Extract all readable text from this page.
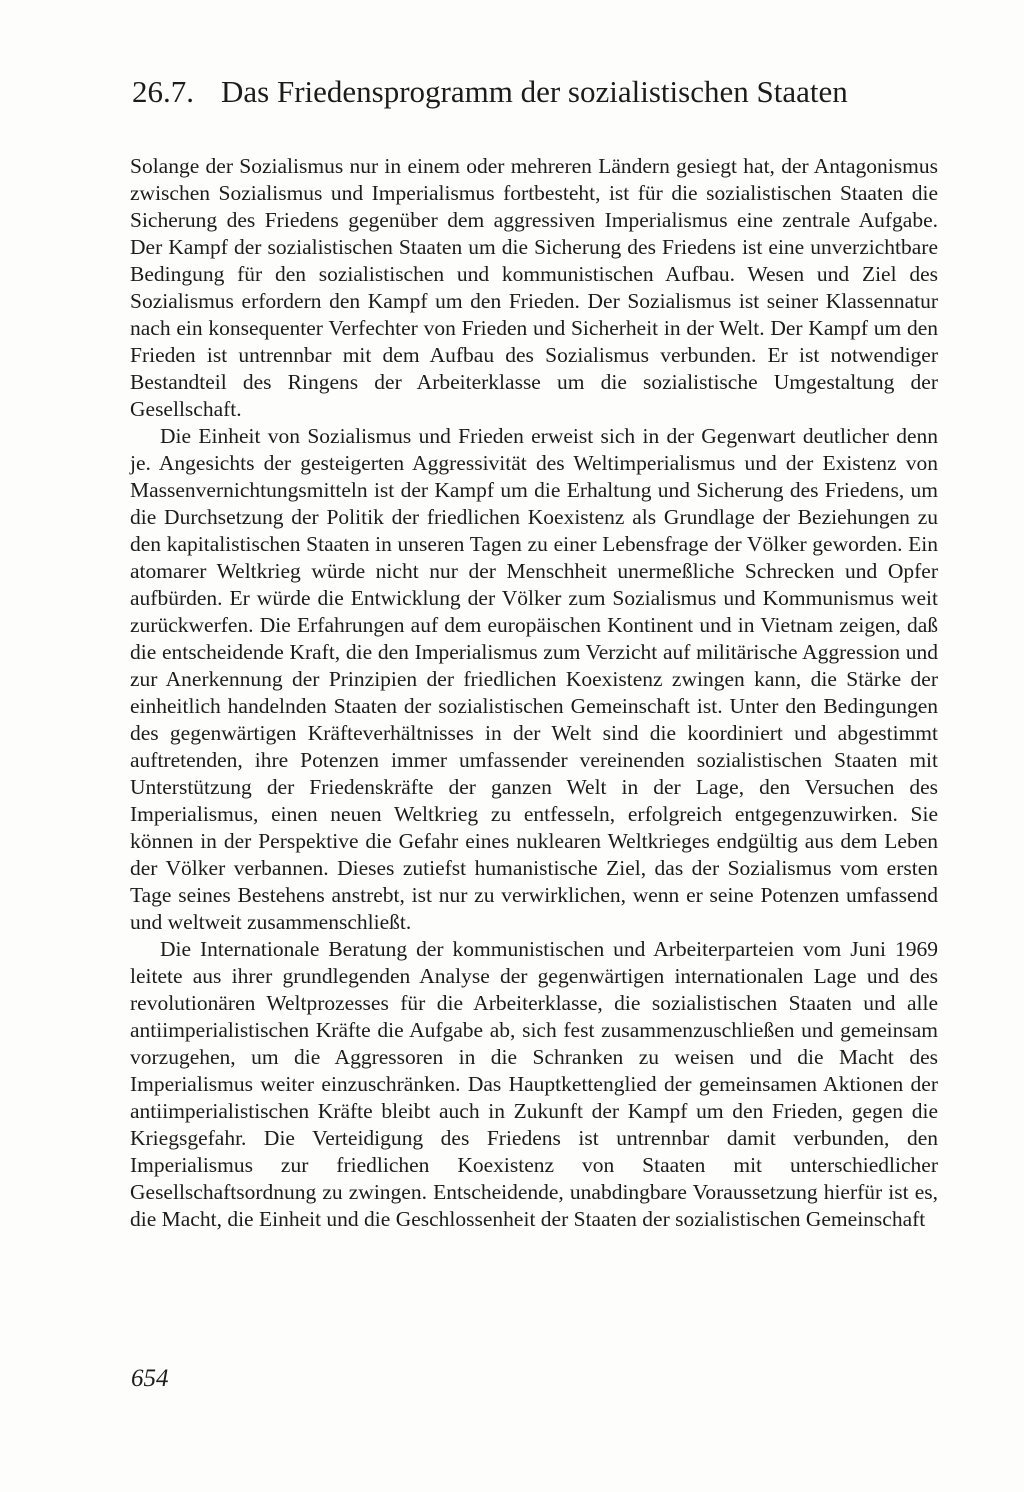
26.7. Das Friedensprogramm der sozialistischen Staaten

Solange der Sozialismus nur in einem oder mehreren Ländern gesiegt hat, der Antagonismus zwischen Sozialismus und Imperialismus fortbesteht, ist für die sozialistischen Staaten die Sicherung des Friedens gegenüber dem aggressiven Imperialismus eine zentrale Aufgabe. Der Kampf der sozialistischen Staaten um die Sicherung des Friedens ist eine unverzichtbare Bedingung für den sozialistischen und kommunistischen Aufbau. Wesen und Ziel des Sozialismus erfordern den Kampf um den Frieden. Der Sozialismus ist seiner Klassennatur nach ein konsequenter Verfechter von Frieden und Sicherheit in der Welt. Der Kampf um den Frieden ist untrennbar mit dem Aufbau des Sozialismus verbunden. Er ist notwendiger Bestandteil des Ringens der Arbeiterklasse um die sozialistische Umgestaltung der Gesellschaft.

Die Einheit von Sozialismus und Frieden erweist sich in der Gegenwart deutlicher denn je. Angesichts der gesteigerten Aggressivität des Weltimperialismus und der Existenz von Massenvernichtungsmitteln ist der Kampf um die Erhaltung und Sicherung des Friedens, um die Durchsetzung der Politik der friedlichen Koexistenz als Grundlage der Beziehungen zu den kapitalistischen Staaten in unseren Tagen zu einer Lebensfrage der Völker geworden. Ein atomarer Weltkrieg würde nicht nur der Menschheit unermeßliche Schrecken und Opfer aufbürden. Er würde die Entwicklung der Völker zum Sozialismus und Kommunismus weit zurückwerfen. Die Erfahrungen auf dem europäischen Kontinent und in Vietnam zeigen, daß die entscheidende Kraft, die den Imperialismus zum Verzicht auf militärische Aggression und zur Anerkennung der Prinzipien der friedlichen Koexistenz zwingen kann, die Stärke der einheitlich handelnden Staaten der sozialistischen Gemeinschaft ist. Unter den Bedingungen des gegenwärtigen Kräfteverhältnisses in der Welt sind die koordiniert und abgestimmt auftretenden, ihre Potenzen immer umfassender vereinenden sozialistischen Staaten mit Unterstützung der Friedenskräfte der ganzen Welt in der Lage, den Versuchen des Imperialismus, einen neuen Weltkrieg zu entfesseln, erfolgreich entgegenzuwirken. Sie können in der Perspektive die Gefahr eines nuklearen Weltkrieges endgültig aus dem Leben der Völker verbannen. Dieses zutiefst humanistische Ziel, das der Sozialismus vom ersten Tage seines Bestehens anstrebt, ist nur zu verwirklichen, wenn er seine Potenzen umfassend und weltweit zusammenschließt.

Die Internationale Beratung der kommunistischen und Arbeiterparteien vom Juni 1969 leitete aus ihrer grundlegenden Analyse der gegenwärtigen internationalen Lage und des revolutionären Weltprozesses für die Arbeiterklasse, die sozialistischen Staaten und alle antiimperialistischen Kräfte die Aufgabe ab, sich fest zusammenzuschließen und gemeinsam vorzugehen, um die Aggressoren in die Schranken zu weisen und die Macht des Imperialismus weiter einzuschränken. Das Hauptkettenglied der gemeinsamen Aktionen der antiimperialistischen Kräfte bleibt auch in Zukunft der Kampf um den Frieden, gegen die Kriegsgefahr. Die Verteidigung des Friedens ist untrennbar damit verbunden, den Imperialismus zur friedlichen Koexistenz von Staaten mit unterschiedlicher Gesellschaftsordnung zu zwingen. Entscheidende, unabdingbare Voraussetzung hierfür ist es, die Macht, die Einheit und die Geschlossenheit der Staaten der sozialistischen Gemeinschaft

654
